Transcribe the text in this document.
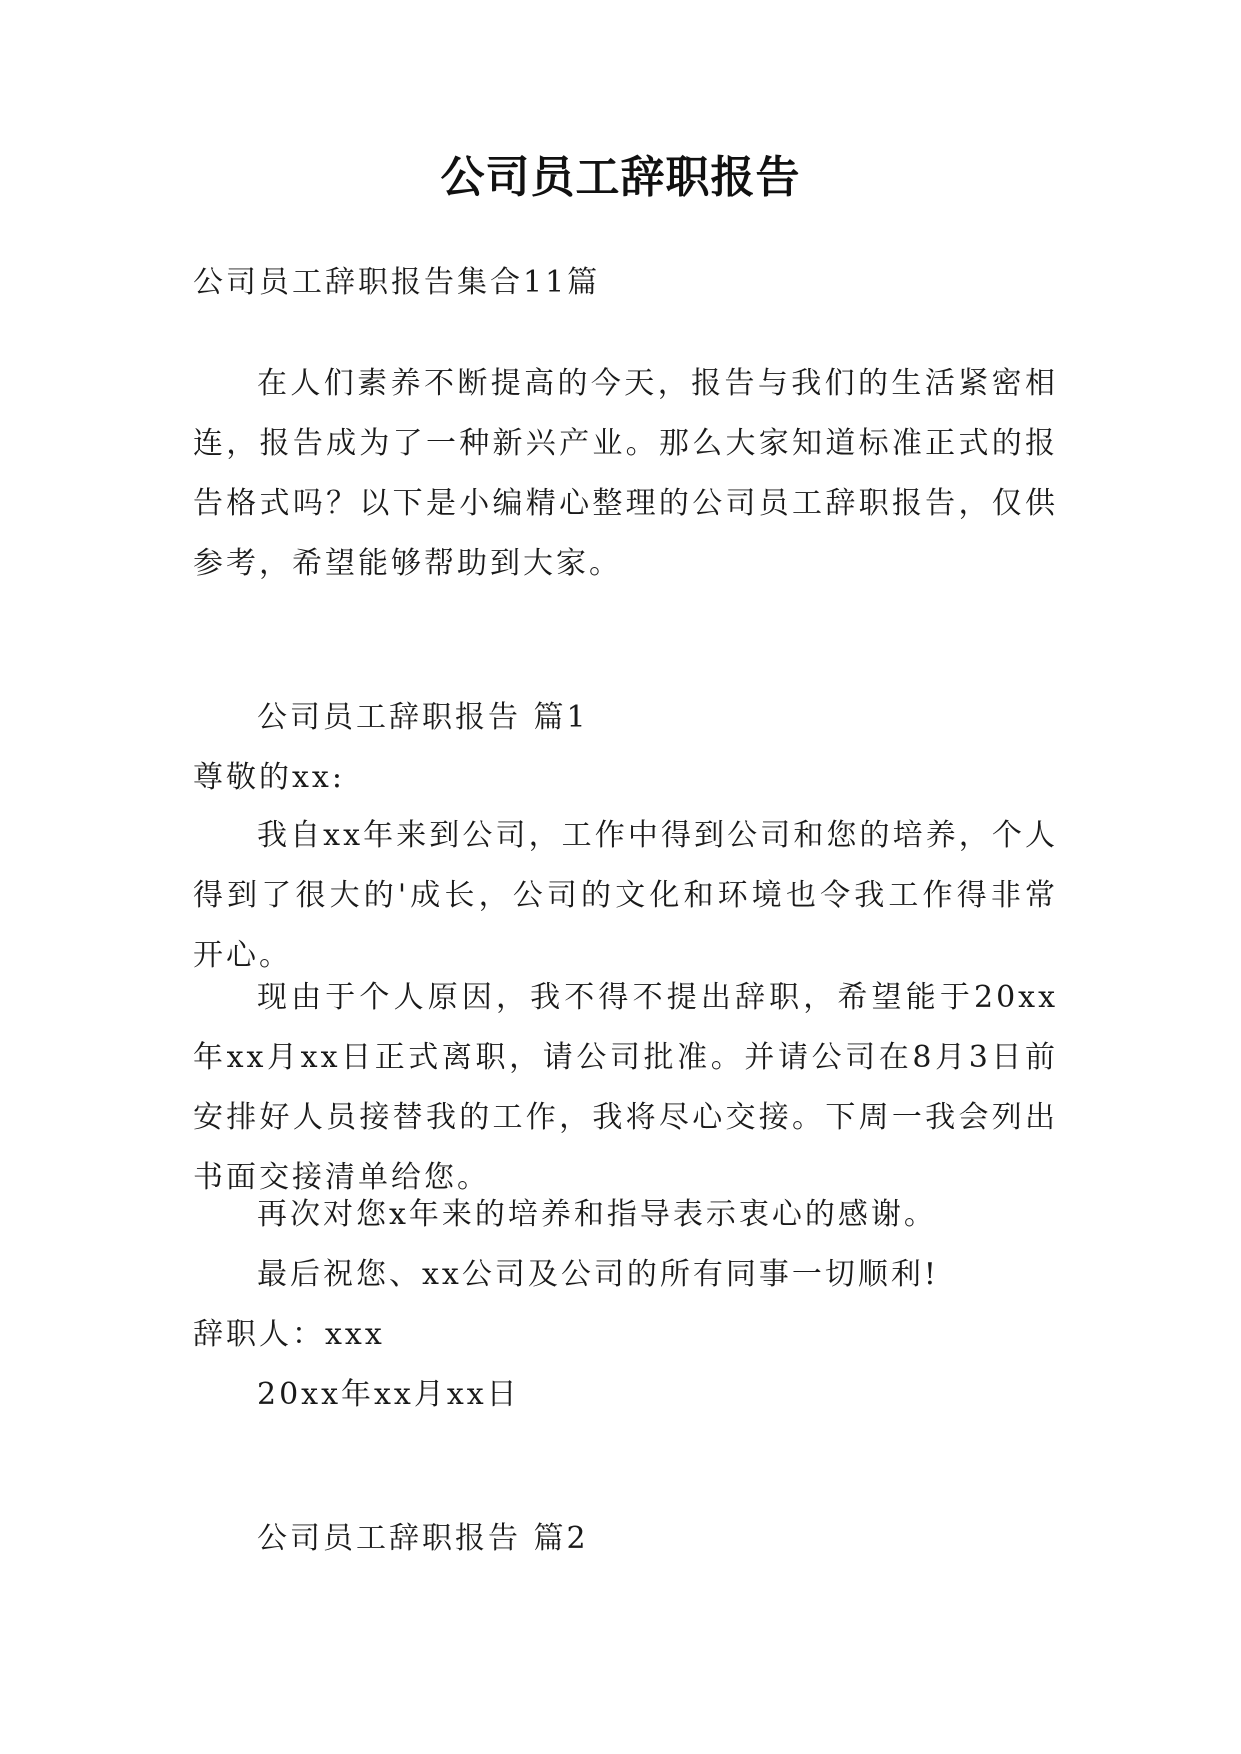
公司员工辞职报告

公司员工辞职报告集合11篇

在人们素养不断提高的今天，报告与我们的生活紧密相连，报告成为了一种新兴产业。那么大家知道标准正式的报告格式吗？以下是小编精心整理的公司员工辞职报告，仅供参考，希望能够帮助到大家。

公司员工辞职报告 篇1

尊敬的xx:

我自xx年来到公司，工作中得到公司和您的培养，个人得到了很大的'成长，公司的文化和环境也令我工作得非常开心。

现由于个人原因，我不得不提出辞职，希望能于20xx年xx月xx日正式离职，请公司批准。并请公司在8月3日前安排好人员接替我的工作，我将尽心交接。下周一我会列出书面交接清单给您。

再次对您x年来的培养和指导表示衷心的感谢。

最后祝您、xx公司及公司的所有同事一切顺利!

辞职人：xxx

20xx年xx月xx日

公司员工辞职报告 篇2
